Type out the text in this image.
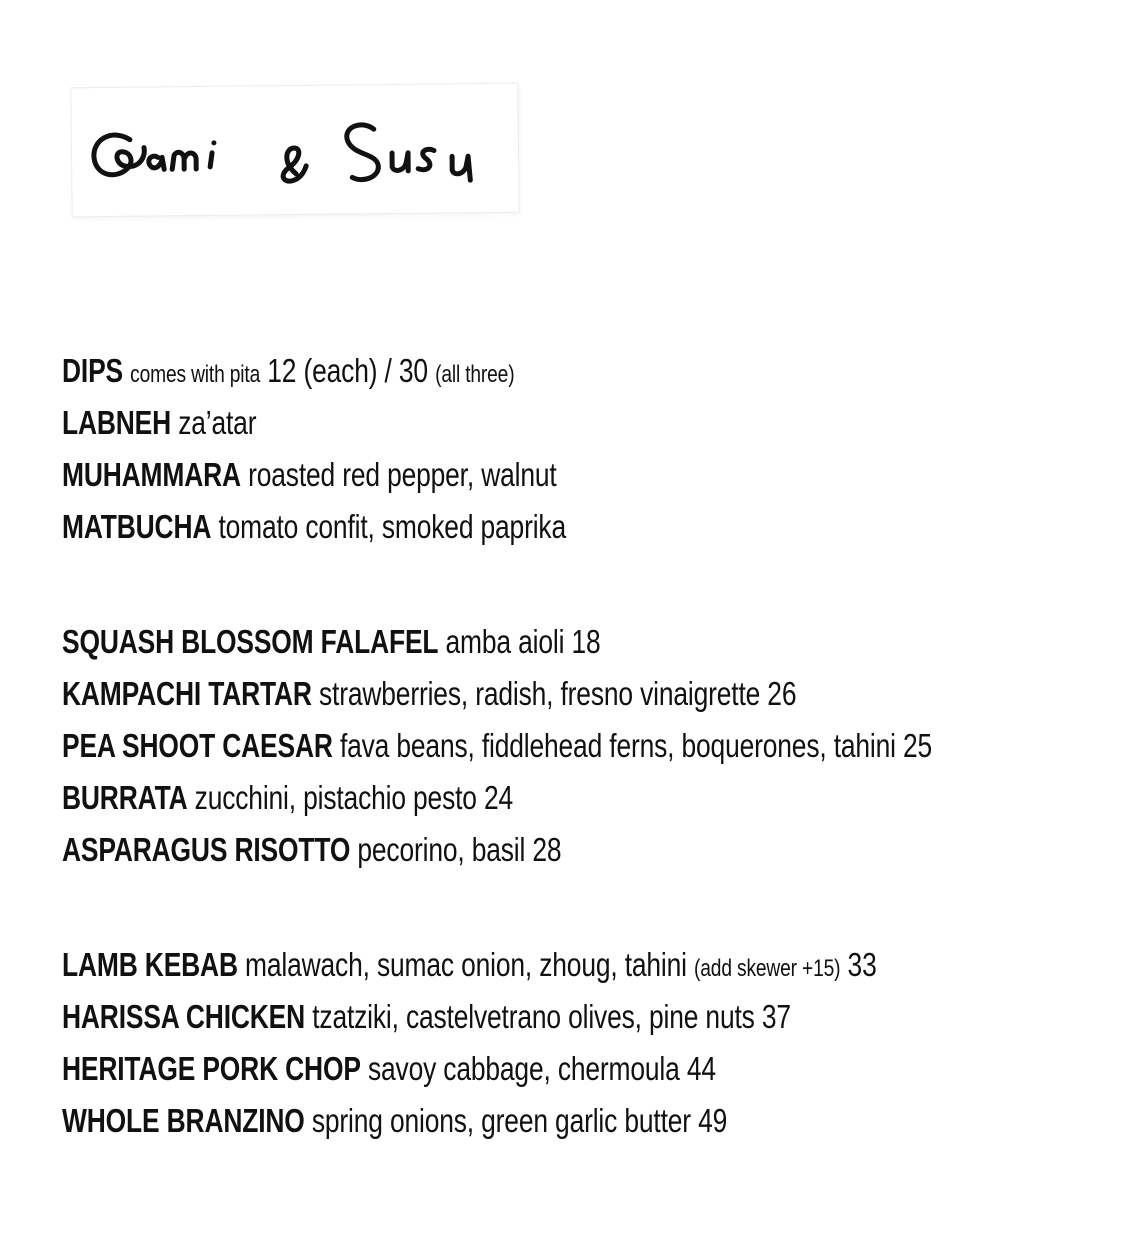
DIPS comes with pita 12 (each) / 30 (all three)
LABNEH za’atar
MUHAMMARA roasted red pepper, walnut
MATBUCHA tomato confit, smoked paprika
SQUASH BLOSSOM FALAFEL amba aioli 18
KAMPACHI TARTAR strawberries, radish, fresno vinaigrette 26
PEA SHOOT CAESAR fava beans, fiddlehead ferns, boquerones, tahini 25
BURRATA zucchini, pistachio pesto 24
ASPARAGUS RISOTTO pecorino, basil 28
LAMB KEBAB malawach, sumac onion, zhoug, tahini (add skewer +15) 33
HARISSA CHICKEN tzatziki, castelvetrano olives, pine nuts 37
HERITAGE PORK CHOP savoy cabbage, chermoula 44
WHOLE BRANZINO spring onions, green garlic butter 49
